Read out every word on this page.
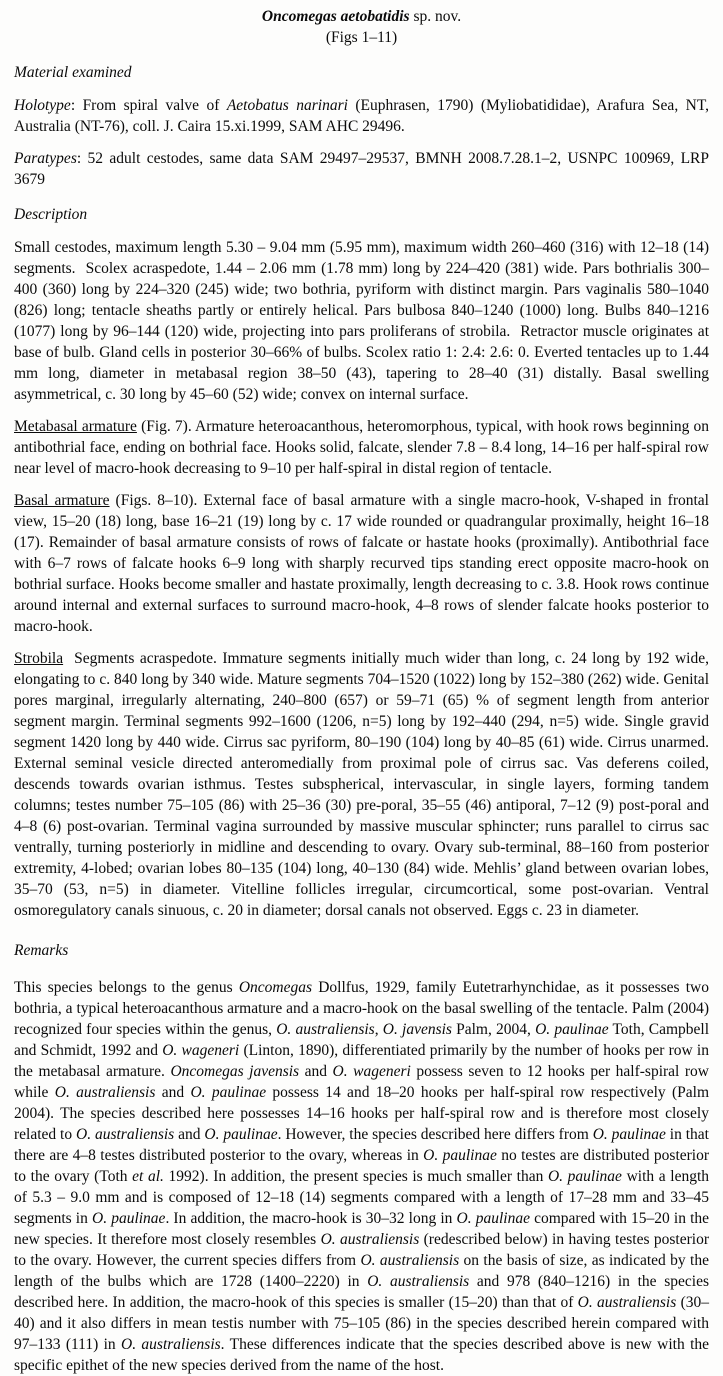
Oncomegas aetobatidis sp. nov.

(Figs 1–11)

Material examined

Holotype: From spiral valve of Aetobatus narinari (Euphrasen, 1790) (Myliobatididae), Arafura Sea, NT, Australia (NT-76), coll. J. Caira 15.xi.1999, SAM AHC 29496.

Paratypes: 52 adult cestodes, same data SAM 29497–29537, BMNH 2008.7.28.1–2, USNPC 100969, LRP 3679

Description

Small cestodes, maximum length 5.30 – 9.04 mm (5.95 mm), maximum width 260–460 (316) with 12–18 (14) segments.  Scolex acraspedote, 1.44 – 2.06 mm (1.78 mm) long by 224–420 (381) wide. Pars bothrialis 300–400 (360) long by 224–320 (245) wide; two bothria, pyriform with distinct margin. Pars vaginalis 580–1040 (826) long; tentacle sheaths partly or entirely helical. Pars bulbosa 840–1240 (1000) long. Bulbs 840–1216 (1077) long by 96–144 (120) wide, projecting into pars proliferans of strobila.  Retractor muscle originates at base of bulb. Gland cells in posterior 30–66% of bulbs. Scolex ratio 1: 2.4: 2.6: 0. Everted tentacles up to 1.44 mm long, diameter in metabasal region 38–50 (43), tapering to 28–40 (31) distally. Basal swelling asymmetrical, c. 30 long by 45–60 (52) wide; convex on internal surface.

Metabasal armature (Fig. 7). Armature heteroacanthous, heteromorphous, typical, with hook rows beginning on antibothrial face, ending on bothrial face. Hooks solid, falcate, slender 7.8 – 8.4 long, 14–16 per half-spiral row near level of macro-hook decreasing to 9–10 per half-spiral in distal region of tentacle.

Basal armature (Figs. 8–10). External face of basal armature with a single macro-hook, V-shaped in frontal view, 15–20 (18) long, base 16–21 (19) long by c. 17 wide rounded or quadrangular proximally, height 16–18 (17). Remainder of basal armature consists of rows of falcate or hastate hooks (proximally). Antibothrial face with 6–7 rows of falcate hooks 6–9 long with sharply recurved tips standing erect opposite macro-hook on bothrial surface. Hooks become smaller and hastate proximally, length decreasing to c. 3.8. Hook rows continue around internal and external surfaces to surround macro-hook, 4–8 rows of slender falcate hooks posterior to macro-hook.

Strobila  Segments acraspedote. Immature segments initially much wider than long, c. 24 long by 192 wide, elongating to c. 840 long by 340 wide. Mature segments 704–1520 (1022) long by 152–380 (262) wide. Genital pores marginal, irregularly alternating, 240–800 (657) or 59–71 (65) % of segment length from anterior segment margin. Terminal segments 992–1600 (1206, n=5) long by 192–440 (294, n=5) wide. Single gravid segment 1420 long by 440 wide. Cirrus sac pyriform, 80–190 (104) long by 40–85 (61) wide. Cirrus unarmed. External seminal vesicle directed anteromedially from proximal pole of cirrus sac. Vas deferens coiled, descends towards ovarian isthmus. Testes subspherical, intervascular, in single layers, forming tandem columns; testes number 75–105 (86) with 25–36 (30) pre-poral, 35–55 (46) antiporal, 7–12 (9) post-poral and 4–8 (6) post-ovarian. Terminal vagina surrounded by massive muscular sphincter; runs parallel to cirrus sac ventrally, turning posteriorly in midline and descending to ovary. Ovary sub-terminal, 88–160 from posterior extremity, 4-lobed; ovarian lobes 80–135 (104) long, 40–130 (84) wide. Mehlis’ gland between ovarian lobes, 35–70 (53, n=5) in diameter. Vitelline follicles irregular, circumcortical, some post-ovarian. Ventral osmoregulatory canals sinuous, c. 20 in diameter; dorsal canals not observed. Eggs c. 23 in diameter.

Remarks

This species belongs to the genus Oncomegas Dollfus, 1929, family Eutetrarhynchidae, as it possesses two bothria, a typical heteroacanthous armature and a macro-hook on the basal swelling of the tentacle. Palm (2004) recognized four species within the genus, O. australiensis, O. javensis Palm, 2004, O. paulinae Toth, Campbell and Schmidt, 1992 and O. wageneri (Linton, 1890), differentiated primarily by the number of hooks per row in the metabasal armature. Oncomegas javensis and O. wageneri possess seven to 12 hooks per half-spiral row while O. australiensis and O. paulinae possess 14 and 18–20 hooks per half-spiral row respectively (Palm 2004). The species described here possesses 14–16 hooks per half-spiral row and is therefore most closely related to O. australiensis and O. paulinae. However, the species described here differs from O. paulinae in that there are 4–8 testes distributed posterior to the ovary, whereas in O. paulinae no testes are distributed posterior to the ovary (Toth et al. 1992). In addition, the present species is much smaller than O. paulinae with a length of 5.3 – 9.0 mm and is composed of 12–18 (14) segments compared with a length of 17–28 mm and 33–45 segments in O. paulinae. In addition, the macro-hook is 30–32 long in O. paulinae compared with 15–20 in the new species. It therefore most closely resembles O. australiensis (redescribed below) in having testes posterior to the ovary. However, the current species differs from O. australiensis on the basis of size, as indicated by the length of the bulbs which are 1728 (1400–2220) in O. australiensis and 978 (840–1216) in the species described here. In addition, the macro-hook of this species is smaller (15–20) than that of O. australiensis (30–40) and it also differs in mean testis number with 75–105 (86) in the species described herein compared with 97–133 (111) in O. australiensis. These differences indicate that the species described above is new with the specific epithet of the new species derived from the name of the host.
